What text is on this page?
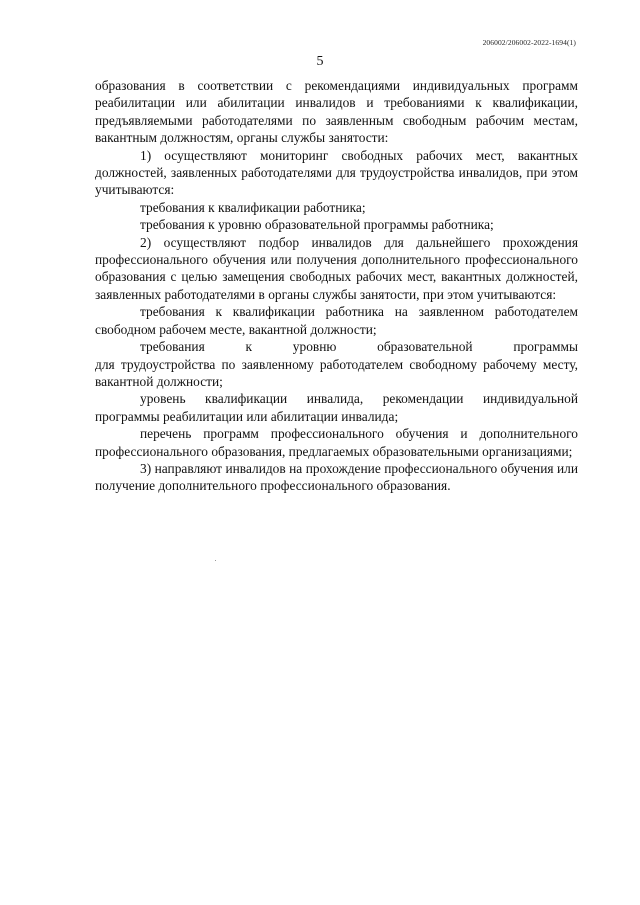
206002/206002-2022-1694(1)
5

образования в соответствии с рекомендациями индивидуальных программ реабилитации или абилитации инвалидов и требованиями к квалификации, предъявляемыми работодателями по заявленным свободным рабочим местам, вакантным должностям, органы службы занятости:

1) осуществляют мониторинг свободных рабочих мест, вакантных должностей, заявленных работодателями для трудоустройства инвалидов, при этом учитываются:

требования к квалификации работника;

требования к уровню образовательной программы работника;

2) осуществляют подбор инвалидов для дальнейшего прохождения профессионального обучения или получения дополнительного профессионального образования с целью замещения свободных рабочих мест, вакантных должностей, заявленных работодателями в органы службы занятости, при этом учитываются:

требования к квалификации работника на заявленном работодателем свободном рабочем месте, вакантной должности;

требования к уровню образовательной программы

для трудоустройства по заявленному работодателем свободному рабочему месту, вакантной должности;

уровень квалификации инвалида, рекомендации индивидуальной программы реабилитации или абилитации инвалида;

перечень программ профессионального обучения и дополнительного профессионального образования, предлагаемых образовательными организациями;

3) направляют инвалидов на прохождение профессионального обучения или получение дополнительного профессионального образования.
